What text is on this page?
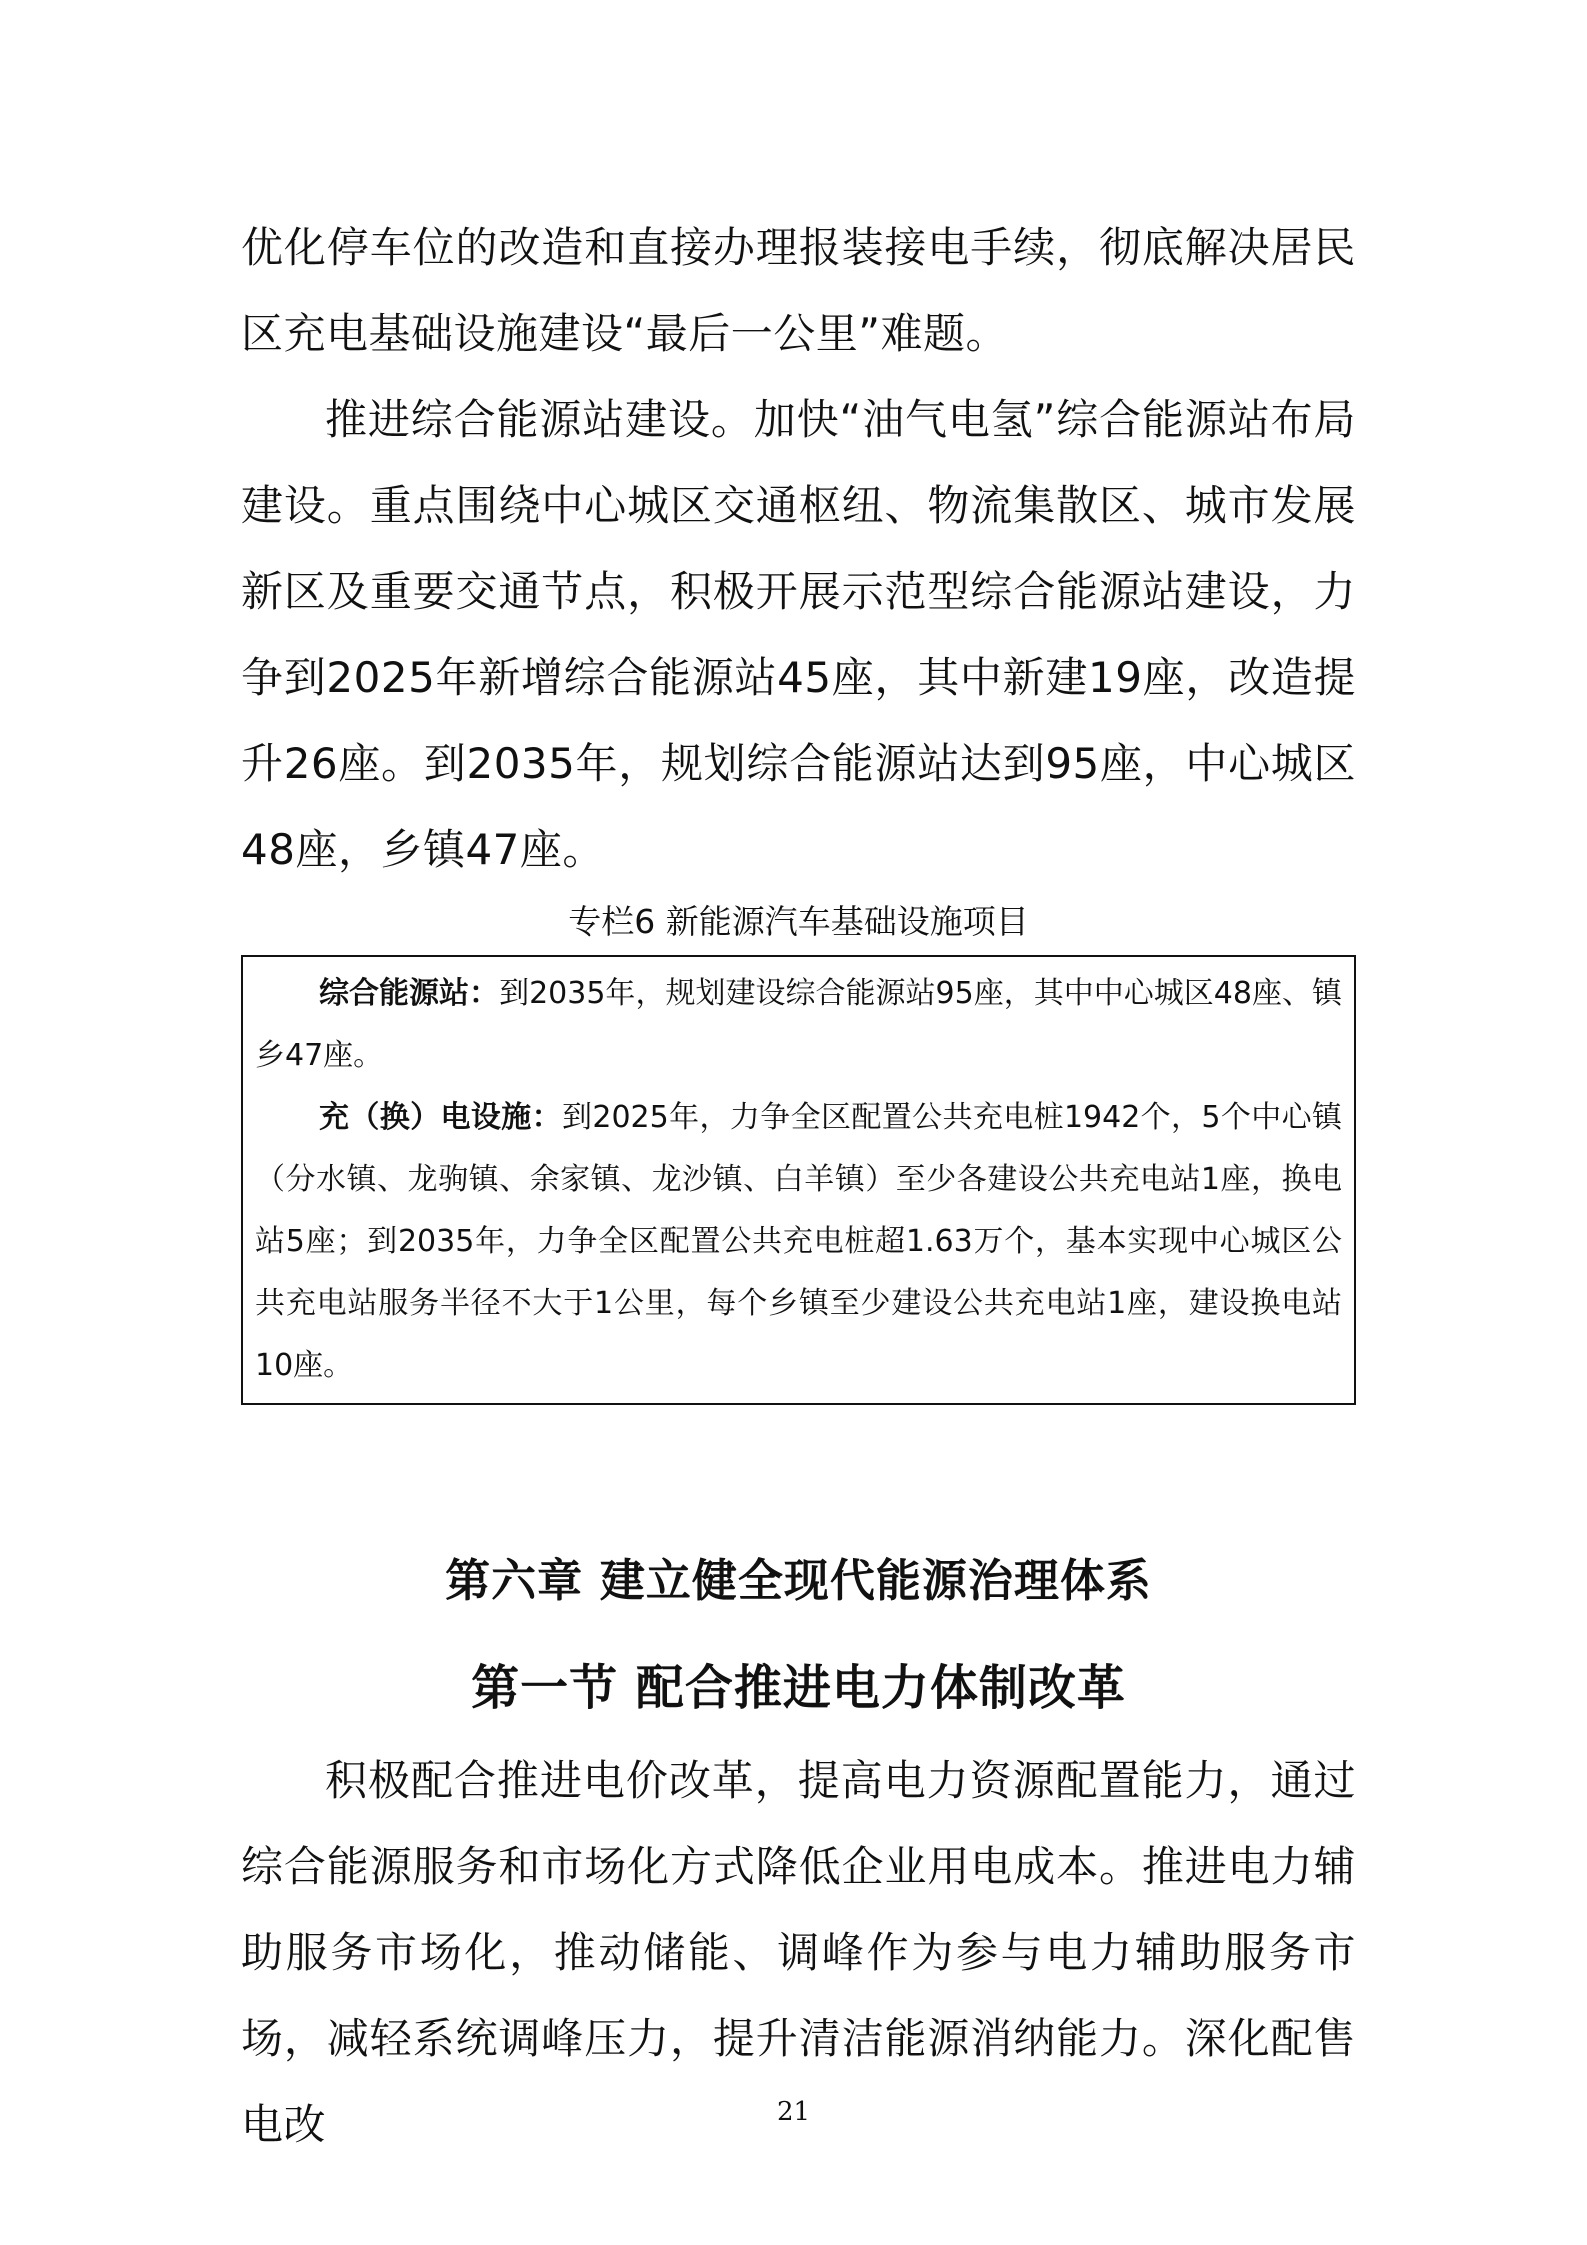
优化停车位的改造和直接办理报装接电手续，彻底解决居民区充电基础设施建设“最后一公里”难题。

推进综合能源站建设。加快“油气电氢”综合能源站布局建设。重点围绕中心城区交通枢纽、物流集散区、城市发展新区及重要交通节点，积极开展示范型综合能源站建设，力争到2025年新增综合能源站45座，其中新建19座，改造提升26座。到2035年，规划综合能源站达到95座，中心城区48座，乡镇47座。

专栏6 新能源汽车基础设施项目

综合能源站：到2035年，规划建设综合能源站95座，其中中心城区48座、镇乡47座。

充（换）电设施：到2025年，力争全区配置公共充电桩1942个，5个中心镇（分水镇、龙驹镇、余家镇、龙沙镇、白羊镇）至少各建设公共充电站1座，换电站5座；到2035年，力争全区配置公共充电桩超1.63万个，基本实现中心城区公共充电站服务半径不大于1公里，每个乡镇至少建设公共充电站1座，建设换电站10座。

第六章 建立健全现代能源治理体系
第一节 配合推进电力体制改革

积极配合推进电价改革，提高电力资源配置能力，通过综合能源服务和市场化方式降低企业用电成本。推进电力辅助服务市场化，推动储能、调峰作为参与电力辅助服务市场，减轻系统调峰压力，提升清洁能源消纳能力。深化配售电改	21
